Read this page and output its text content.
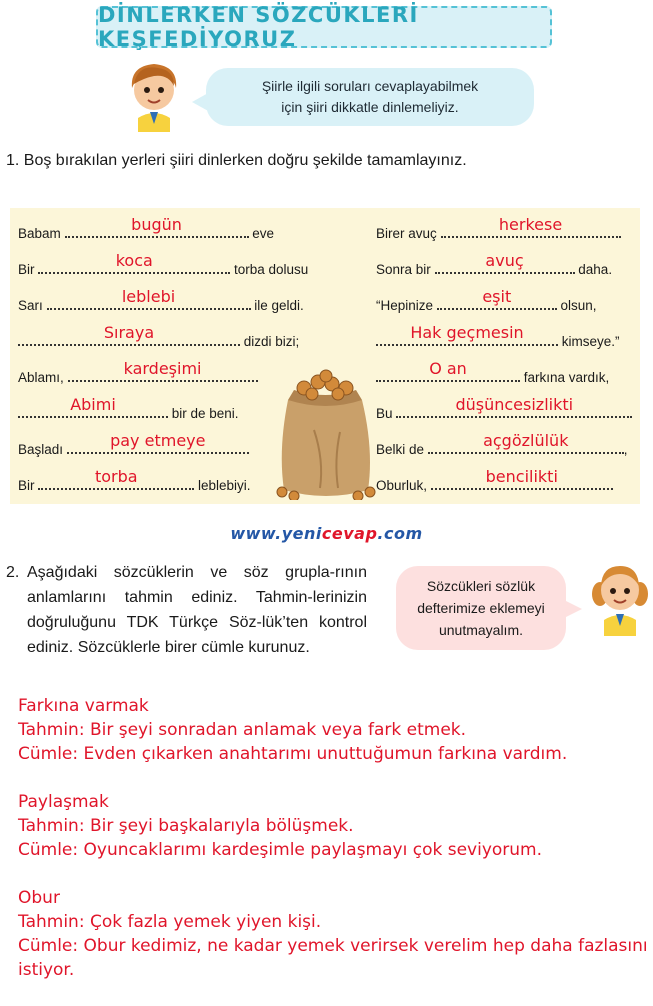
DİNLERKEN SÖZCÜKLERİ KEŞFEDİYORUZ
Şiirle ilgili soruları cevaplayabilmek
için şiiri dikkatle dinlemeliyiz.
1. Boş bırakılan yerleri şiiri dinlerken doğru şekilde tamamlayınız.
Babam	bugün	eve
Bir	koca	torba dolusu
Sarı	leblebi	ile geldi.
Sıraya	dizdi bizi;
Ablamı,	kardeşimi
Abimi	bir de beni.
Başladı	pay etmeye
Bir	torba	leblebiyi.
Birer avuç	herkese
Sonra bir	avuç	daha.
“Hepinize	eşit	olsun,
Hak geçmesin	kimseye.”
O an	farkına vardık,
Bu	düşüncesizlikti
Belki de	açgözlülük	,
Oburluk,	bencilikti
www.yenicevap.com
2. Aşağıdaki sözcüklerin ve söz grupla-rının anlamlarını tahmin ediniz. Tahmin-lerinizin doğruluğunu TDK Türkçe Söz-lük’ten kontrol ediniz. Sözcüklerle birer cümle kurunuz.
Sözcükleri sözlük
defterimize eklemeyi
unutmayalım.
Farkına varmak
Tahmin: Bir şeyi sonradan anlamak veya fark etmek.
Cümle: Evden çıkarken anahtarımı unuttuğumun farkına vardım.
Paylaşmak
Tahmin: Bir şeyi başkalarıyla bölüşmek.
Cümle: Oyuncaklarımı kardeşimle paylaşmayı çok seviyorum.
Obur
Tahmin: Çok fazla yemek yiyen kişi.
Cümle: Obur kedimiz, ne kadar yemek verirsek verelim hep daha fazlasını istiyor.
